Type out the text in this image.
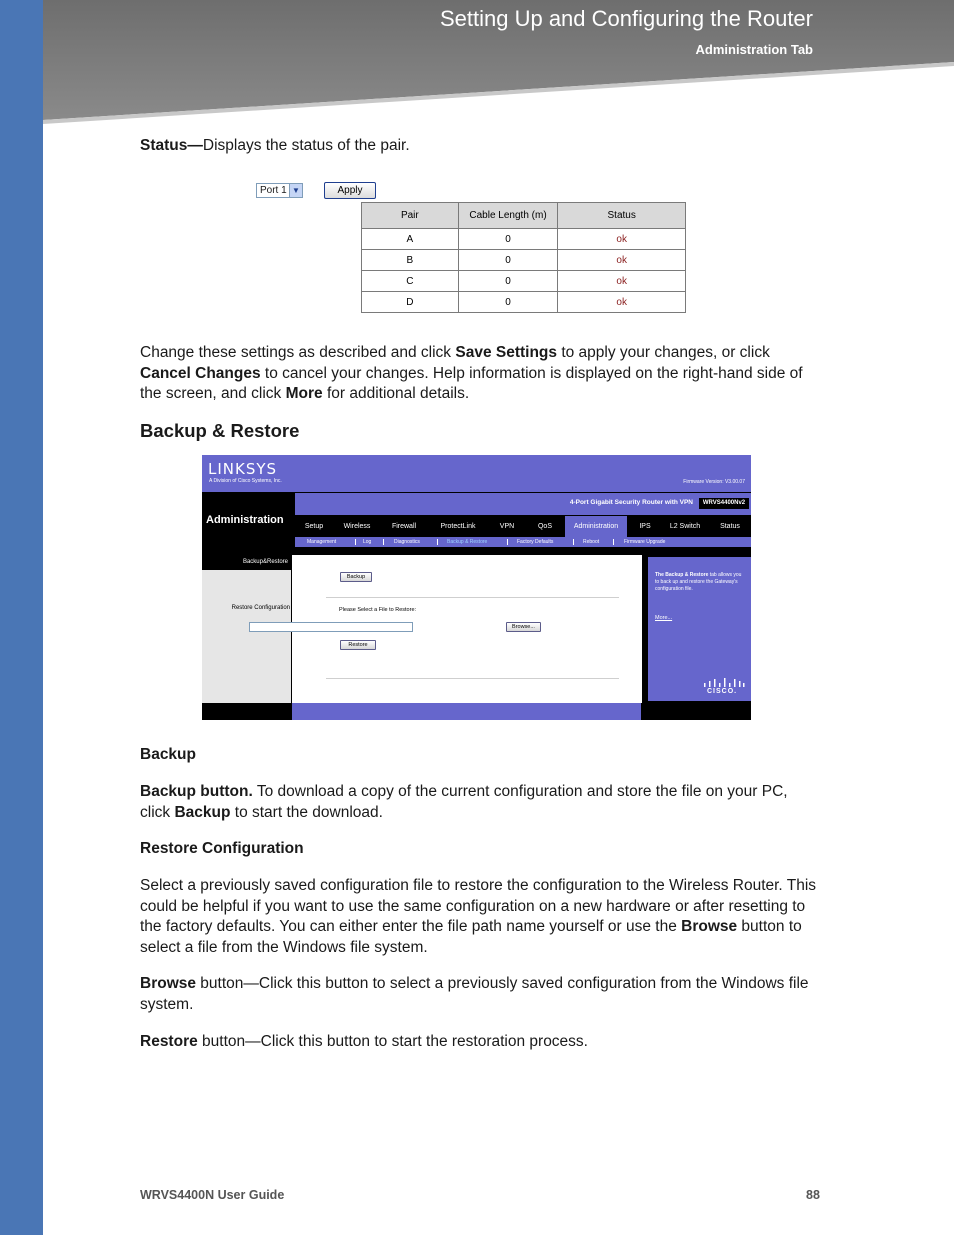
Setting Up and Configuring the Router
Administration Tab
Status—Displays the status of the pair.
Port 1 ▼	Apply
Pair	Cable Length (m)	Status
A	0	ok
B	0	ok
C	0	ok
D	0	ok
Change these settings as described and click Save Settings to apply your changes, or click Cancel Changes to cancel your changes. Help information is displayed on the right-hand side of the screen, and click More for additional details.
Backup & Restore
LINKSYS
A Division of Cisco Systems, Inc.	Firmware Version: V3.00.07
Administration
4-Port Gigabit Security Router with VPN	WRVS4400Nv2
Setup	Wireless	Firewall	ProtectLink	VPN	QoS	Administration	IPS	L2 Switch	Status
Management	Log	Diagnostics	Backup & Restore	Factory Defaults	Reboot	Firmware Upgrade
Backup&Restore
Restore Configuration
Backup
Please Select a File to Restore:
Browse...
Restore
The Backup & Restore tab allows you to back up and restore the Gateway's configuration file.
More...
CISCO.
Backup
Backup button. To download a copy of the current configuration and store the file on your PC, click Backup to start the download.
Restore Configuration
Select a previously saved configuration file to restore the configuration to the Wireless Router. This could be helpful if you want to use the same configuration on a new hardware or after resetting to the factory defaults. You can either enter the file path name yourself or use the Browse button to select a file from the Windows file system.
Browse button—Click this button to select a previously saved configuration from the Windows file system.
Restore button—Click this button to start the restoration process.
WRVS4400N User Guide	88
